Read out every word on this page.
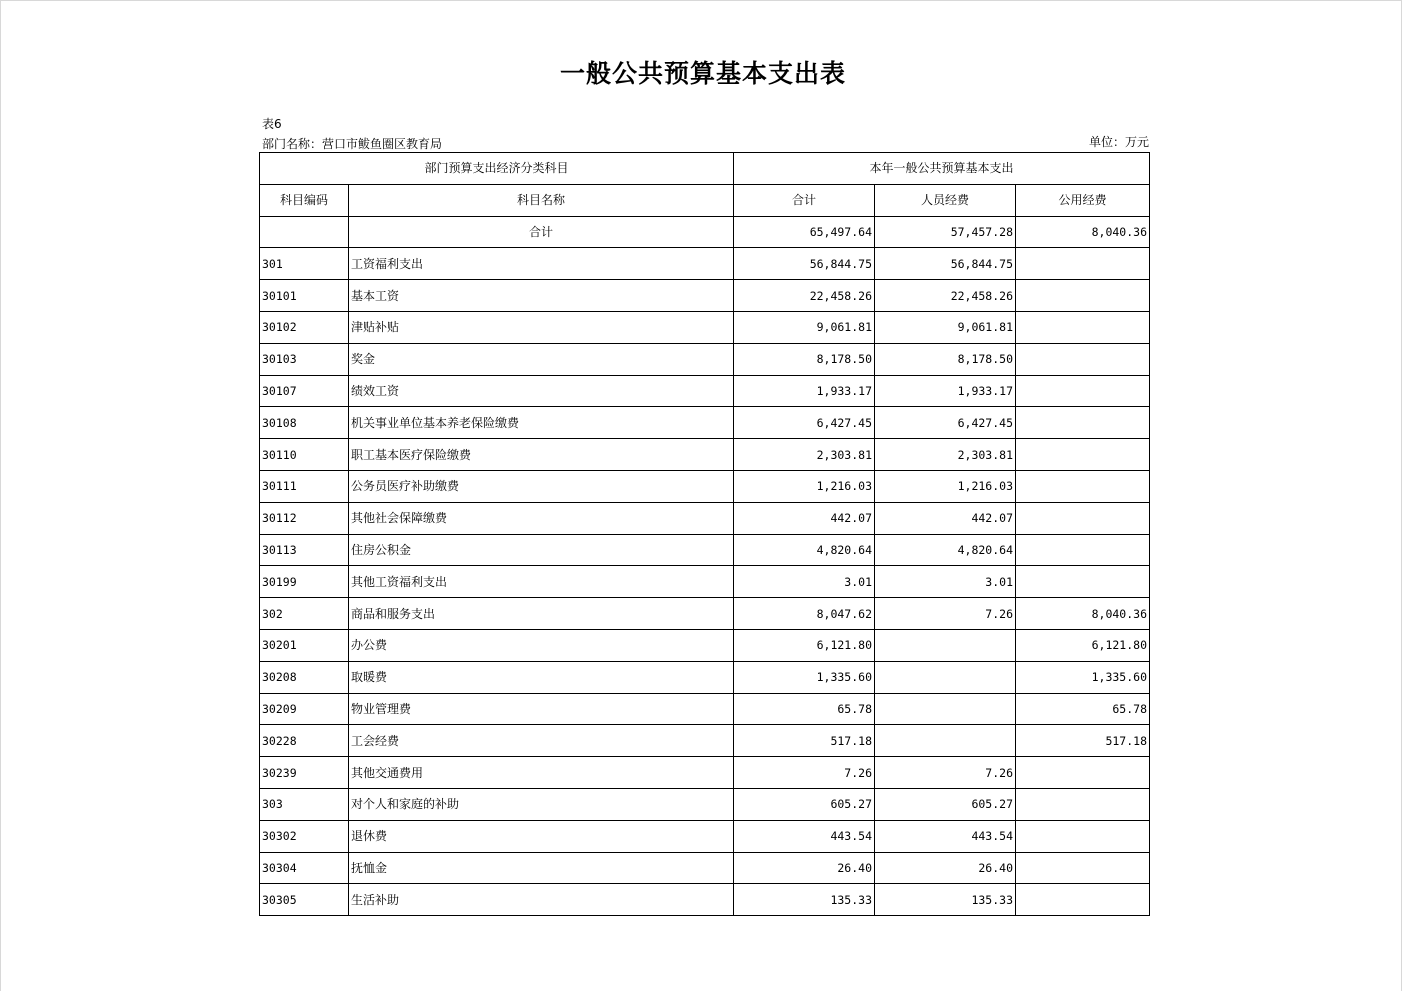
一般公共预算基本支出表
表6
部门名称：营口市鲅鱼圈区教育局	单位：万元
部门预算支出经济分类科目		本年一般公共预算基本支出		
科目编码	科目名称	合计	人员经费	公用经费
	合计	65,497.64	57,457.28	8,040.36
301	工资福利支出	56,844.75	56,844.75	
30101	基本工资	22,458.26	22,458.26	
30102	津贴补贴	9,061.81	9,061.81	
30103	奖金	8,178.50	8,178.50	
30107	绩效工资	1,933.17	1,933.17	
30108	机关事业单位基本养老保险缴费	6,427.45	6,427.45	
30110	职工基本医疗保险缴费	2,303.81	2,303.81	
30111	公务员医疗补助缴费	1,216.03	1,216.03	
30112	其他社会保障缴费	442.07	442.07	
30113	住房公积金	4,820.64	4,820.64	
30199	其他工资福利支出	3.01	3.01	
302	商品和服务支出	8,047.62	7.26	8,040.36
30201	办公费	6,121.80		6,121.80
30208	取暖费	1,335.60		1,335.60
30209	物业管理费	65.78		65.78
30228	工会经费	517.18		517.18
30239	其他交通费用	7.26	7.26	
303	对个人和家庭的补助	605.27	605.27	
30302	退休费	443.54	443.54	
30304	抚恤金	26.40	26.40	
30305	生活补助	135.33	135.33	
